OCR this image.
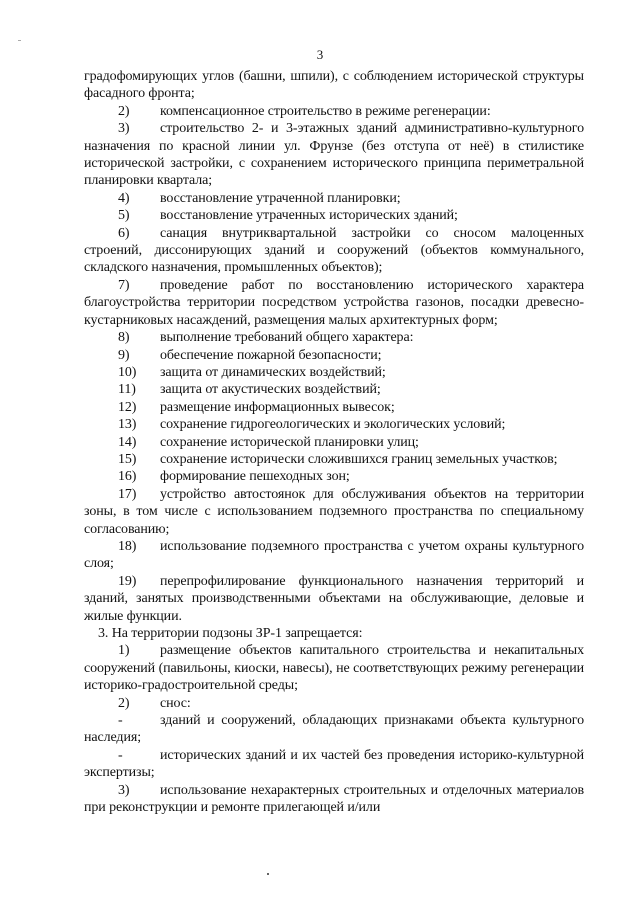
3

градофомирующих углов (башни, шпили), с соблюдением исторической структуры фасадного фронта;

2) компенсационное строительство в режиме регенерации:

3) строительство 2- и 3-этажных зданий административно-культурного назначения по красной линии ул. Фрунзе (без отступа от неё) в стилистике исторической застройки, с сохранением исторического принципа периметральной планировки квартала;

4) восстановление утраченной планировки;

5) восстановление утраченных исторических зданий;

6) санация внутриквартальной застройки со сносом малоценных строений, диссонирующих зданий и сооружений (объектов коммунального, складского назначения, промышленных объектов);

7) проведение работ по восстановлению исторического характера благоустройства территории посредством устройства газонов, посадки древесно-кустарниковых насаждений, размещения малых архитектурных форм;

8) выполнение требований общего характера:

9) обеспечение пожарной безопасности;

10) защита от динамических воздействий;

11) защита от акустических воздействий;

12) размещение информационных вывесок;

13) сохранение гидрогеологических и экологических условий;

14) сохранение исторической планировки улиц;

15) сохранение исторически сложившихся границ земельных участков;

16) формирование пешеходных зон;

17) устройство автостоянок для обслуживания объектов на территории зоны, в том числе с использованием подземного пространства по специальному согласованию;

18) использование подземного пространства с учетом охраны культурного слоя;

19) перепрофилирование функционального назначения территорий и зданий, занятых производственными объектами на обслуживающие, деловые и жилые функции.

3. На территории подзоны ЗР-1 запрещается:

1) размещение объектов капитального строительства и некапитальных сооружений (павильоны, киоски, навесы), не соответствующих режиму регенерации историко-градостроительной среды;

2) снос:

-	зданий и сооружений, обладающих признаками объекта культурного наследия;

-	исторических зданий и их частей без проведения историко-культурной экспертизы;

3) использование нехарактерных строительных и отделочных материалов при реконструкции и ремонте прилегающей и/или
